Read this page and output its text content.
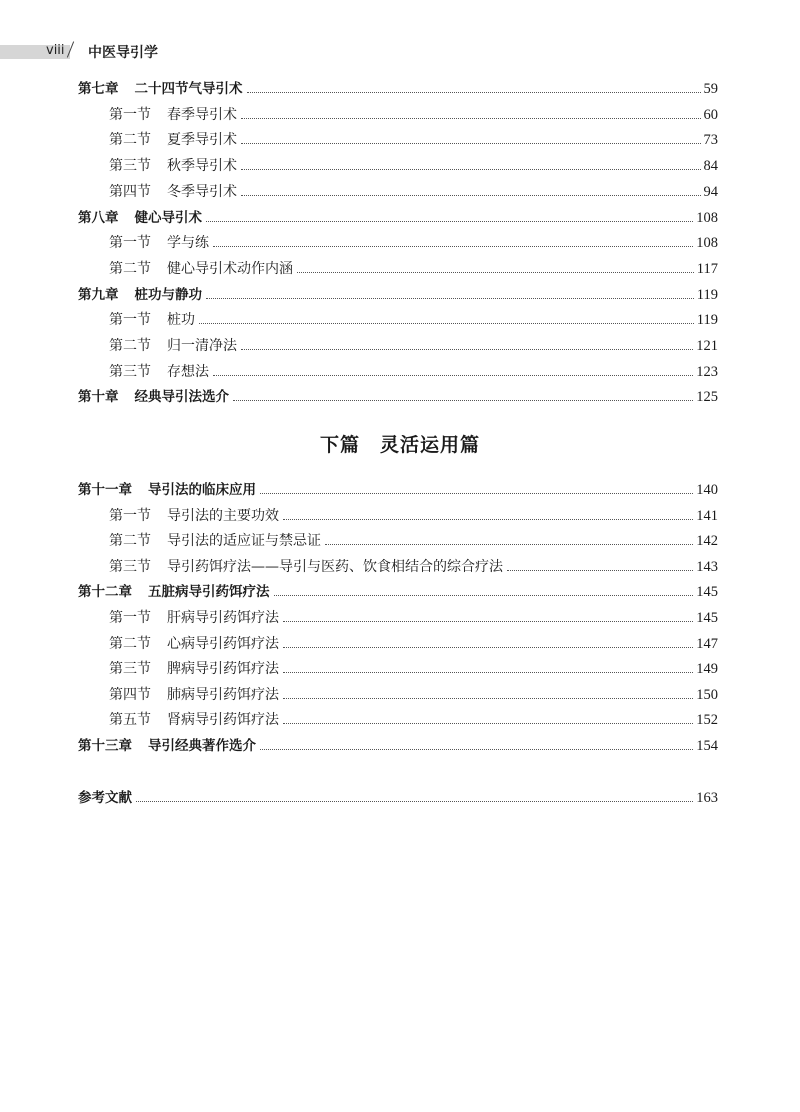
viii 中医导引学
第七章 二十四节气导引术	59
第一节 春季导引术	60
第二节 夏季导引术	73
第三节 秋季导引术	84
第四节 冬季导引术	94
第八章 健心导引术	108
第一节 学与练	108
第二节 健心导引术动作内涵	117
第九章 桩功与静功	119
第一节 桩功	119
第二节 归一清净法	121
第三节 存想法	123
第十章 经典导引法选介	125
下篇 灵活运用篇
第十一章 导引法的临床应用	140
第一节 导引法的主要功效	141
第二节 导引法的适应证与禁忌证	142
第三节 导引药饵疗法——导引与医药、饮食相结合的综合疗法	143
第十二章 五脏病导引药饵疗法	145
第一节 肝病导引药饵疗法	145
第二节 心病导引药饵疗法	147
第三节 脾病导引药饵疗法	149
第四节 肺病导引药饵疗法	150
第五节 肾病导引药饵疗法	152
第十三章 导引经典著作选介	154
参考文献	163
